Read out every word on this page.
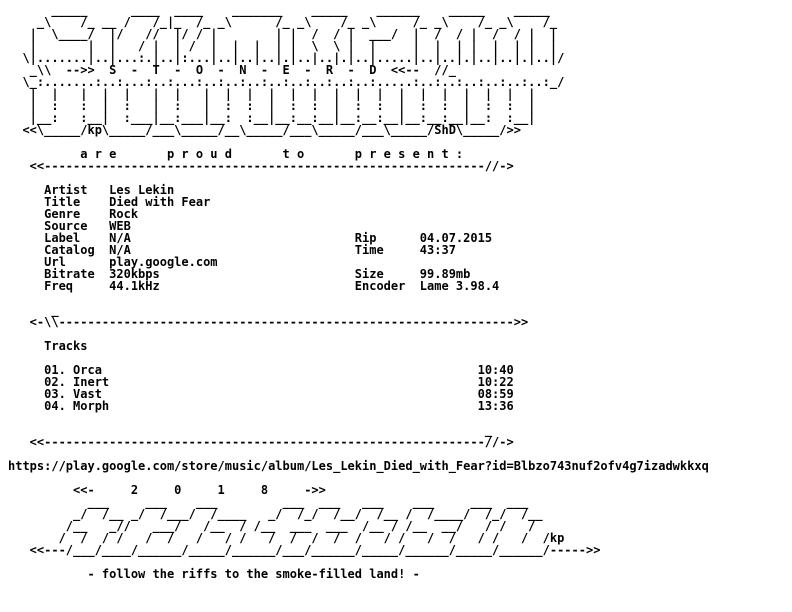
_____      ____  ____    _______    _____    ______    _____    _____
_\    /_ __ /   /_|_  /_ _\      /_ _\    /_ _\     /_ _\    /_ _\    /_
|  \____/  |/   //  |/ / |        | |  /  / |  ___/  |  /  / |  /  / |  |
|       |  |   / |  | /  |  |  |  | |  \  \ |  |     |  |  | |  |  | |  |
\|.......|..|...:.|..|:...|..|..|..|.|..|..|.|..|.....|..|..|.|..|..|.|..|/
_\\  -->>  S  -  T  -  O  -  N  -  E  -  R  -  D  <<--  //_
\_:.......:..:...:..:...:..:..:..:..:..:..:..:..:.....:..:..:..:..:..:..:_/
|  |   |  |  |   |  |   |  |  |  |  |  |  |  |  |  |  |  |  |  |  |  |
|  :   :  |  :   |  :   |  :  :  |  :  :  |  :  :  |  :  :  |  :  :  |
|__:   :__|  :___|__:___|__:  :__|__:__:__|__:__:__|__:__:__|__:  :__|
<<\_____/kp\_____/___\_____/__\_____/___\_____/___\_____/ShD\_____/>>
a r e       p r o u d       t o       p r e s e n t :
<<-------------------------------------------------------------//->
Artist   Les Lekin
Title    Died with Fear
Genre    Rock
Source   WEB
Label    N/A                               Rip      04.07.2015
Catalog  N/A                               Time     43:37
Url      play.google.com
Bitrate  320kbps                           Size     99.89mb
Freq     44.1kHz                           Encoder  Lame 3.98.4
_
<-\\--------------------------------------------------------------->>
Tracks
01. Orca                                                    10:40
02. Inert                                                   10:22
03. Vast                                                    08:59
04. Morph                                                   13:36
_
<<-------------------------------------------------------------//->
https://play.google.com/store/music/album/Les_Lekin_Died_with_Fear?id=Blbzo743nuf2ofv4g7izadwkkxq
<<-     2     0     1     8     ->>
___     ___    ___         ___  ___   ___    ___     ___  ___
_/  /__ _/  /___/  /____   _/  /_/  /__/  /__ /  /____/  /_/  /__
/__   _//   ___/   /__  / /__  ___  ___  /__ / /__  __/   / /   /
/  /  / /   /  /   /   / /   /  /  /  /  /   / /   /  /   / /   /  /kp
<<---/___/____/______/_____/______/___/______/_____/______/_____/______/----->>
- follow the riffs to the smoke-filled land! -
